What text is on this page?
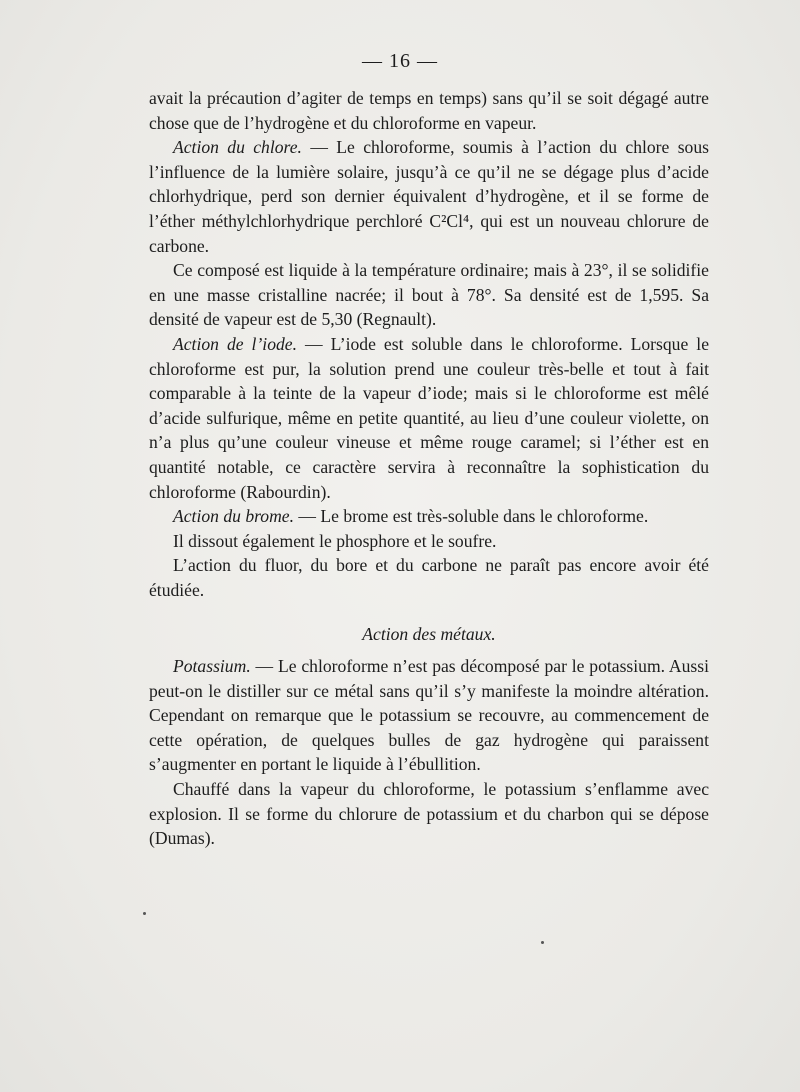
— 16 —

avait la précaution d’agiter de temps en temps) sans qu’il se soit dégagé autre chose que de l’hydrogène et du chloroforme en vapeur.

Action du chlore. — Le chloroforme, soumis à l’action du chlore sous l’influence de la lumière solaire, jusqu’à ce qu’il ne se dégage plus d’acide chlorhydrique, perd son dernier équivalent d’hydrogène, et il se forme de l’éther méthylchlorhydrique perchloré C²Cl⁴, qui est un nouveau chlorure de carbone.

Ce composé est liquide à la température ordinaire; mais à 23°, il se solidifie en une masse cristalline nacrée; il bout à 78°. Sa densité est de 1,595. Sa densité de vapeur est de 5,30 (Regnault).

Action de l’iode. — L’iode est soluble dans le chloroforme. Lorsque le chloroforme est pur, la solution prend une couleur très-belle et tout à fait comparable à la teinte de la vapeur d’iode; mais si le chloroforme est mêlé d’acide sulfurique, même en petite quantité, au lieu d’une couleur violette, on n’a plus qu’une couleur vineuse et même rouge caramel; si l’éther est en quantité notable, ce caractère servira à reconnaître la sophistication du chloroforme (Rabourdin).

Action du brome. — Le brome est très-soluble dans le chloroforme.

Il dissout également le phosphore et le soufre.

L’action du fluor, du bore et du carbone ne paraît pas encore avoir été étudiée.

Action des métaux.

Potassium. — Le chloroforme n’est pas décomposé par le potassium. Aussi peut-on le distiller sur ce métal sans qu’il s’y manifeste la moindre altération. Cependant on remarque que le potassium se recouvre, au commencement de cette opération, de quelques bulles de gaz hydrogène qui paraissent s’augmenter en portant le liquide à l’ébullition.

Chauffé dans la vapeur du chloroforme, le potassium s’enflamme avec explosion. Il se forme du chlorure de potassium et du charbon qui se dépose (Dumas).
